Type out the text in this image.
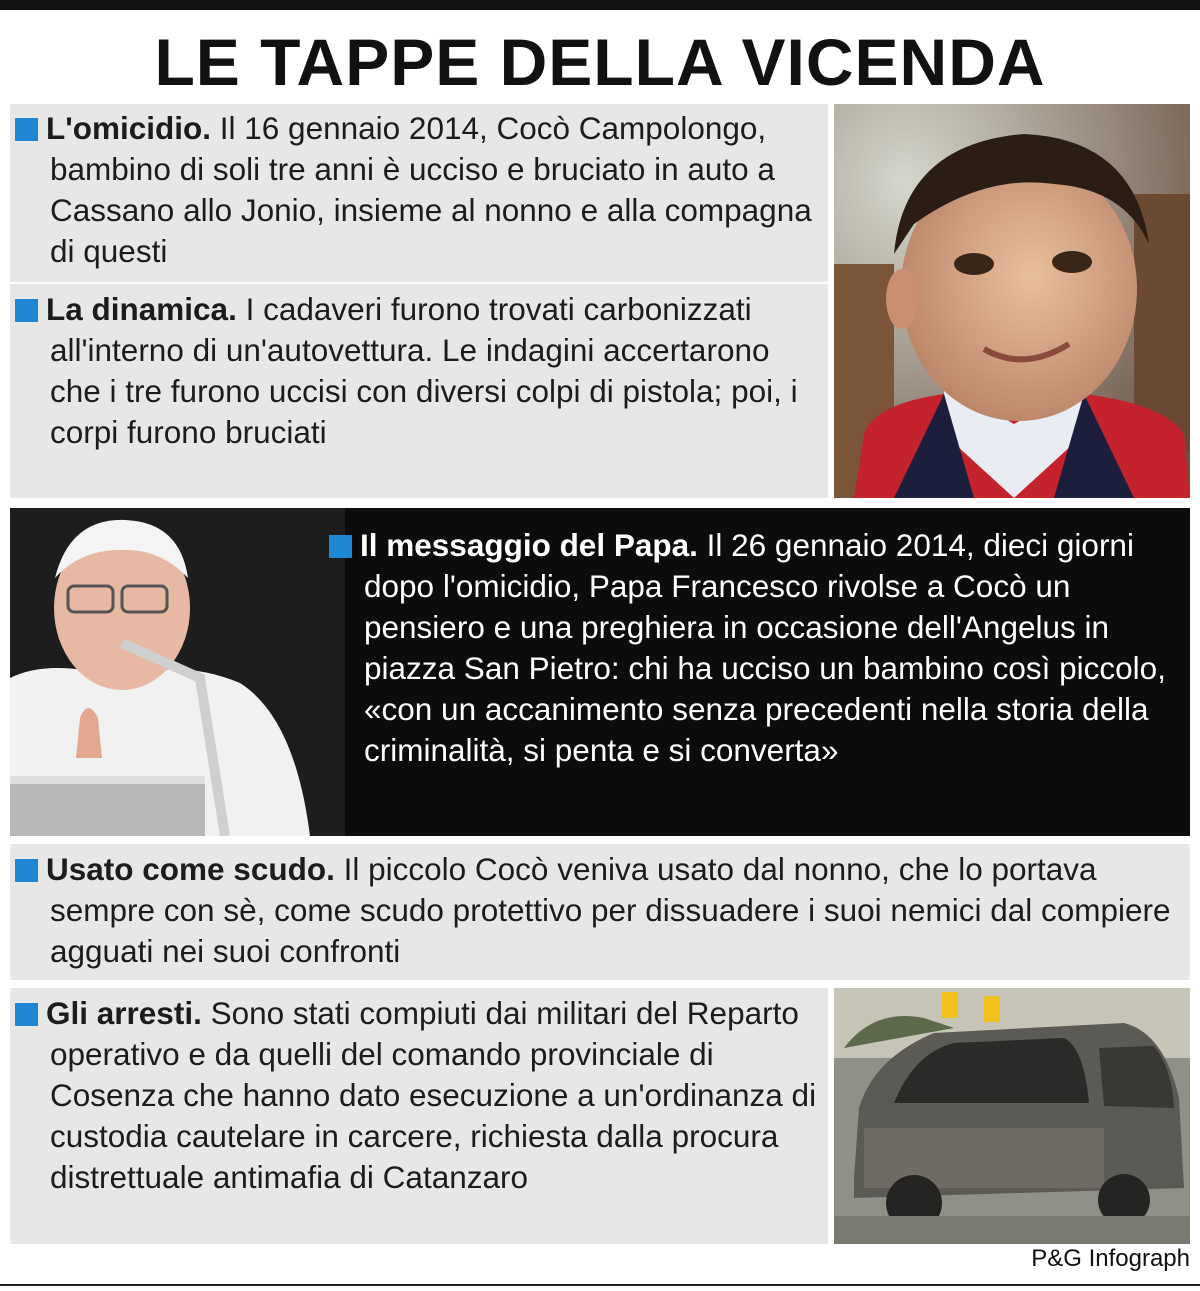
LE TAPPE DELLA VICENDA
L'omicidio. Il 16 gennaio 2014, Cocò Campolongo, bambino di soli tre anni è ucciso e bruciato in auto a Cassano allo Jonio, insieme al nonno e alla compagna di questi
La dinamica. I cadaveri furono trovati carbonizzati all'interno di un'autovettura. Le indagini accertarono che i tre furono uccisi con diversi colpi di pistola; poi, i corpi furono bruciati
Il messaggio del Papa. Il 26 gennaio 2014, dieci giorni dopo l'omicidio, Papa Francesco rivolse a Cocò un pensiero e una preghiera in occasione dell'Angelus in piazza San Pietro: chi ha ucciso un bambino così piccolo, «con un accanimento senza precedenti nella storia della criminalità, si penta e si converta»
Usato come scudo. Il piccolo Cocò veniva usato dal nonno, che lo portava sempre con sè, come scudo protettivo per dissuadere i suoi nemici dal compiere agguati nei suoi confronti
Gli arresti. Sono stati compiuti dai militari del Reparto operativo e da quelli del comando provinciale di Cosenza che hanno dato esecuzione a un'ordinanza di custodia cautelare in carcere, richiesta dalla procura distrettuale antimafia di Catanzaro
P&G Infograph
